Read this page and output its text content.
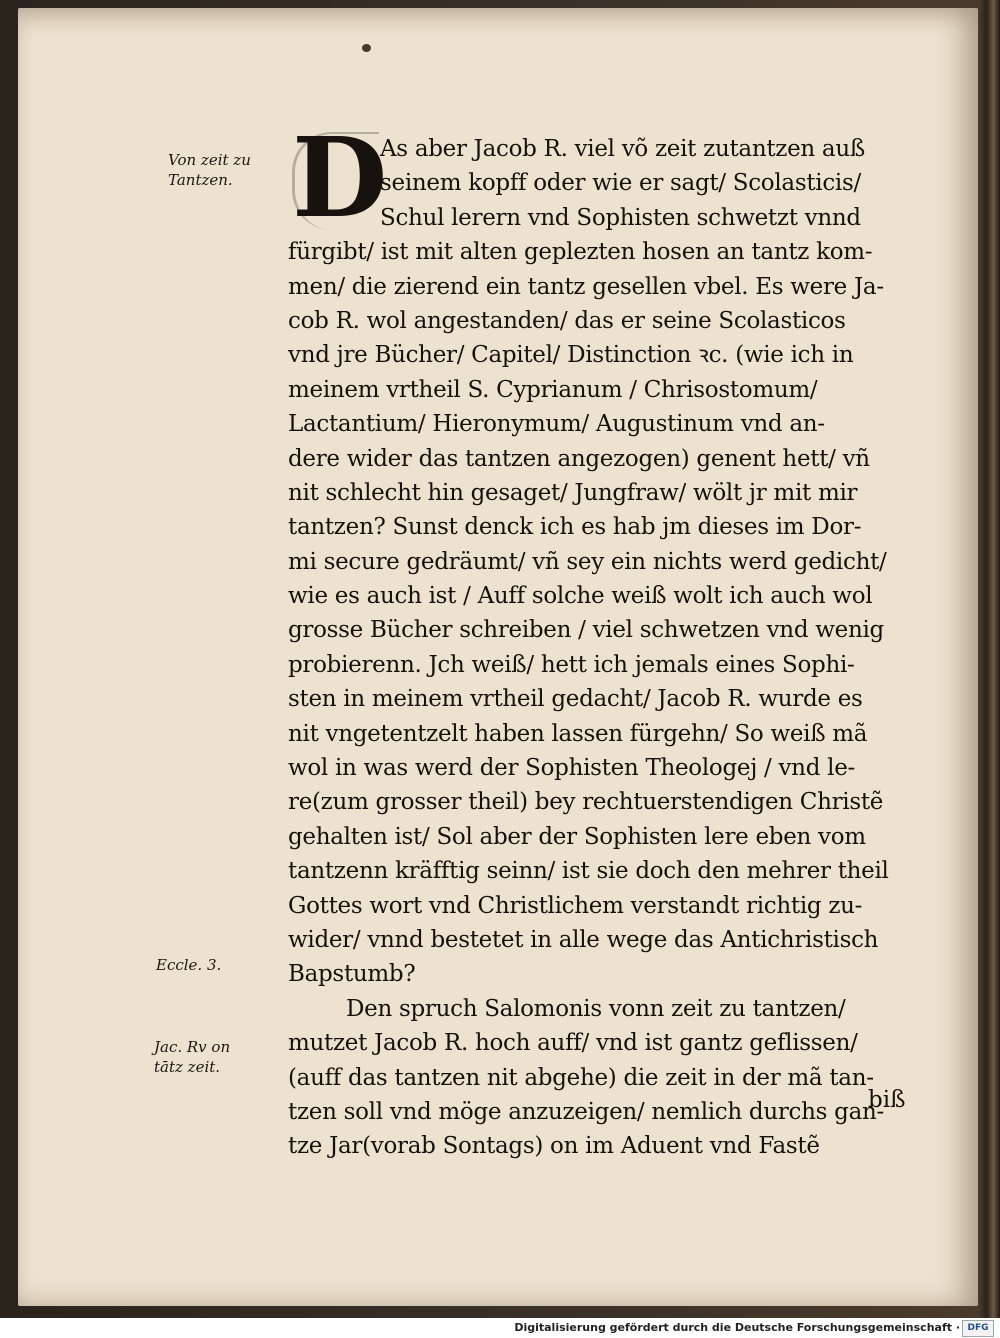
Von zeit zu
Tantzen.
Eccle. 3.
Jac. Rv on
tātz zeit.
D
As aber Jacob R. viel võ zeit zutantzen auß
seinem kopff oder wie er sagt/ Scolasticis/
Schul lerern vnd Sophisten schwetzt vnnd
fürgibt/ ist mit alten geplezten hosen an tantz kom-
men/ die zierend ein tantz gesellen vbel. Es were Ja-
cob R. wol angestanden/ das er seine Scolasticos
vnd jre Bücher/ Capitel/ Distinction ꝛc. (wie ich in
meinem vrtheil S. Cyprianum / Chrisostomum/
Lactantium/ Hieronymum/ Augustinum vnd an-
dere wider das tantzen angezogen) genent hett/ vñ
nit schlecht hin gesaget/ Jungfraw/ wölt jr mit mir
tantzen? Sunst denck ich es hab jm dieses im Dor-
mi secure gedräumt/ vñ sey ein nichts werd gedicht/
wie es auch ist / Auff solche weiß wolt ich auch wol
grosse Bücher schreiben / viel schwetzen vnd wenig
probierenn. Jch weiß/ hett ich jemals eines Sophi-
sten in meinem vrtheil gedacht/ Jacob R. wurde es
nit vngetentzelt haben lassen fürgehn/ So weiß mã
wol in was werd der Sophisten Theologej / vnd le-
re(zum grosser theil) bey rechtuerstendigen Christẽ
gehalten ist/ Sol aber der Sophisten lere eben vom
tantzenn kräfftig seinn/ ist sie doch den mehrer theil
Gottes wort vnd Christlichem verstandt richtig zu-
wider/ vnnd bestetet in alle wege das Antichristisch
Bapstumb?
Den spruch Salomonis vonn zeit zu tantzen/
mutzet Jacob R. hoch auff/ vnd ist gantz geflissen/
(auff das tantzen nit abgehe) die zeit in der mã tan-
tzen soll vnd möge anzuzeigen/ nemlich durchs gan-
tze Jar(vorab Sontags) on im Aduent vnd Fastẽ
biß
Digitalisierung gefördert durch die Deutsche Forschungsgemeinschaft · DFG
